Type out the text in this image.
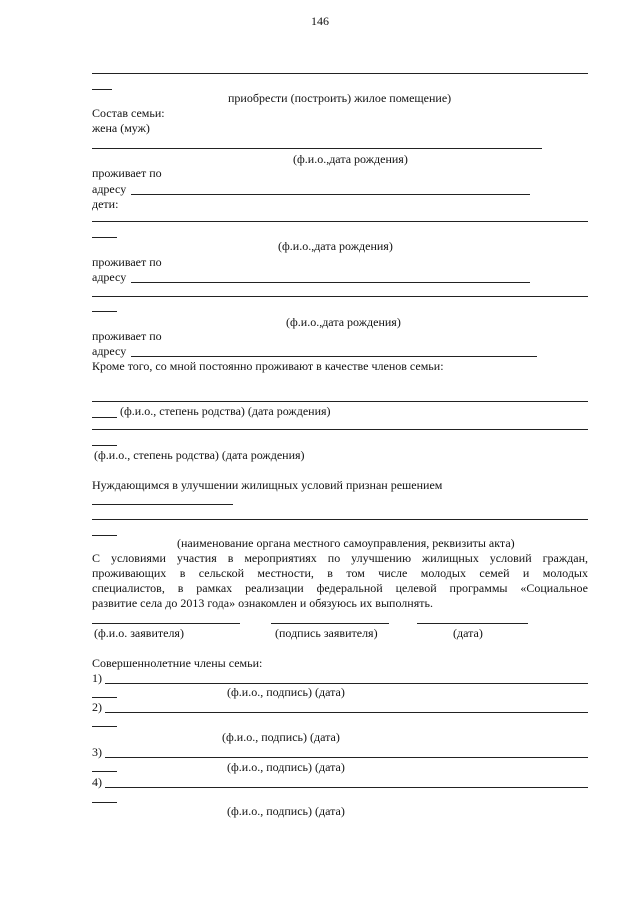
146
приобрести (построить) жилое помещение)
Состав семьи:
жена (муж)
(ф.и.о.,дата рождения)
проживает по
адресу
дети:
(ф.и.о.,дата рождения)
проживает по
адресу
(ф.и.о.,дата рождения)
проживает по
адресу
Кроме того, со мной постоянно проживают в качестве членов семьи:
(ф.и.о., степень родства) (дата рождения)
(ф.и.о., степень родства) (дата рождения)
Нуждающимся в улучшении жилищных условий признан решением
(наименование органа местного самоуправления, реквизиты акта)
С условиями участия в мероприятиях по улучшению жилищных условий граждан,
проживающих в сельской местности, в том числе молодых семей и молодых
специалистов, в рамках реализации федеральной целевой программы «Социальное
развитие села до 2013 года» ознакомлен и обязуюсь их выполнять.
(ф.и.о. заявителя)	(подпись заявителя)	(дата)
Совершеннолетние члены семьи:
1)
(ф.и.о., подпись) (дата)
2)
(ф.и.о., подпись) (дата)
3)
(ф.и.о., подпись) (дата)
4)
(ф.и.о., подпись) (дата)
